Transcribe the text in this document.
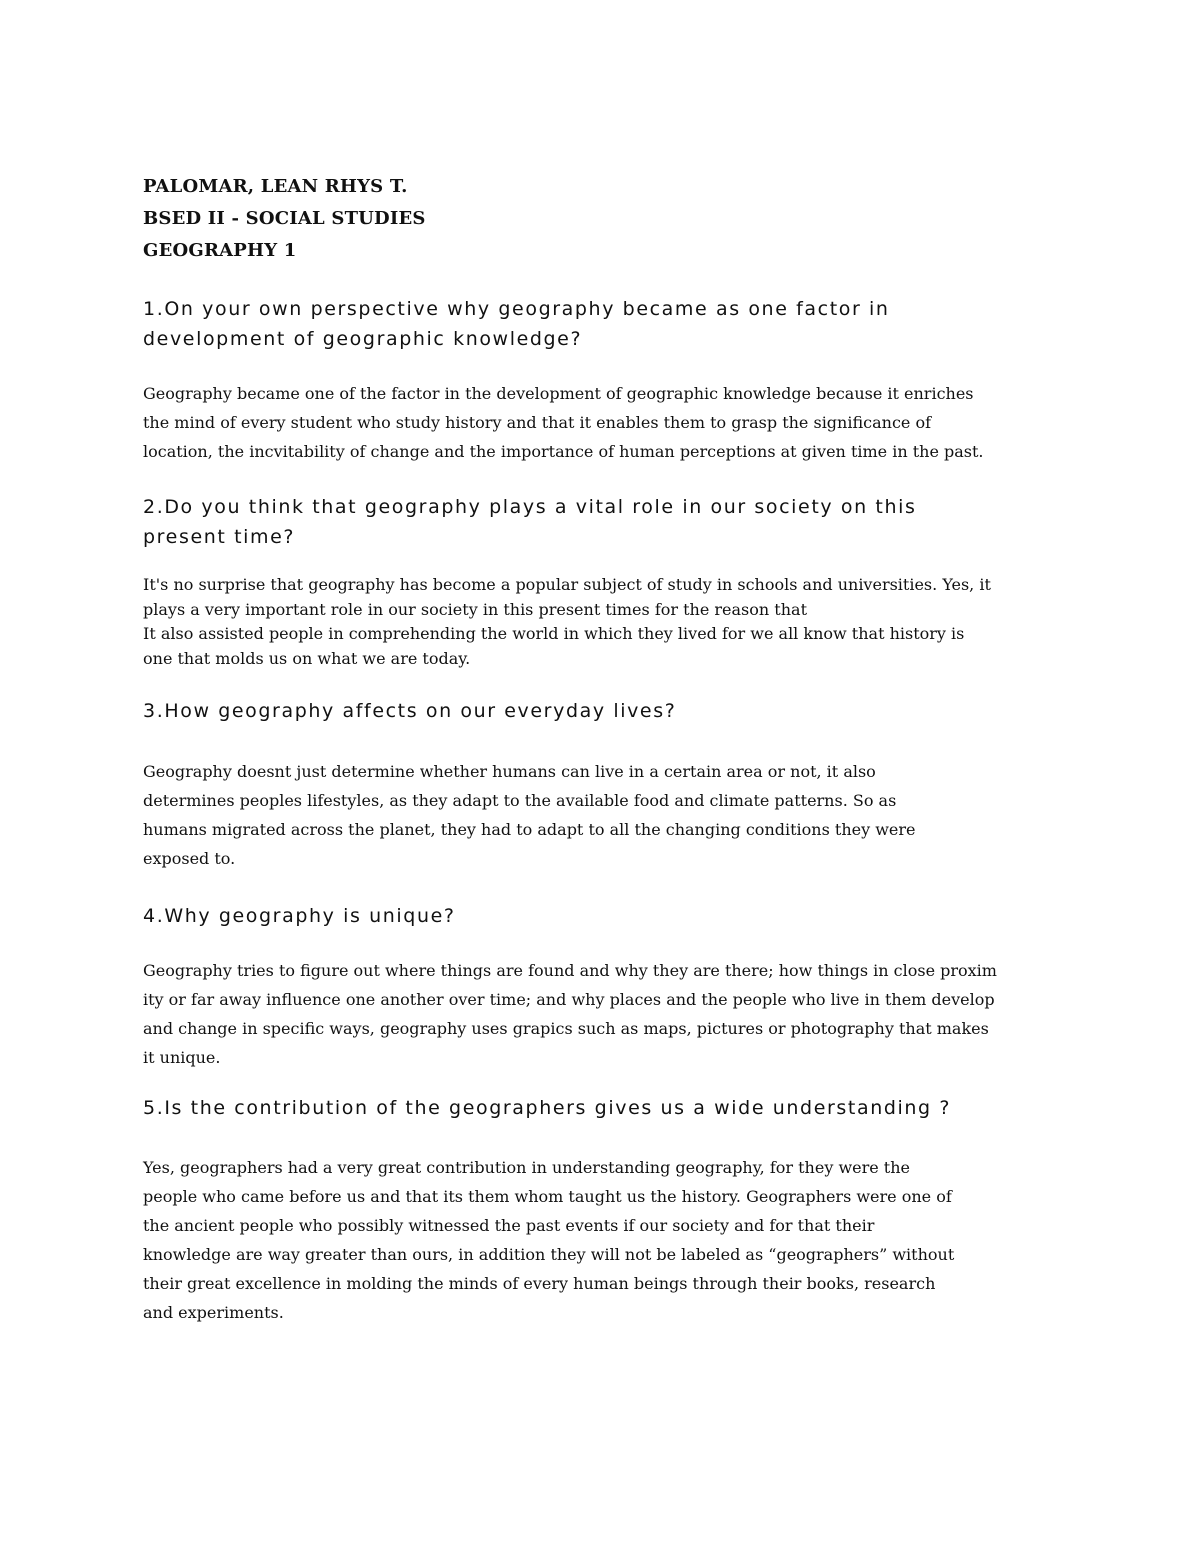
PALOMAR, LEAN RHYS T.
BSED II - SOCIAL STUDIES
GEOGRAPHY 1
1.On your own perspective why geography became as one factor in
development of geographic knowledge?
Geography became one of the factor in the development of geographic knowledge because it enriches
the mind of every student who study history and that it enables them to grasp the significance of
location, the incvitability of change and the importance of human perceptions at given time in the past.
2.Do you think that geography plays a vital role in our society on this
present time?
It's no surprise that geography has become a popular subject of study in schools and universities. Yes, it
plays a very important role in our society in this present times for the reason that
It also assisted people in comprehending the world in which they lived for we all know that history is
one that molds us on what we are today.
3.How geography affects on our everyday lives?
Geography doesnt just determine whether humans can live in a certain area or not, it also
determines peoples lifestyles, as they adapt to the available food and climate patterns. So as
humans migrated across the planet, they had to adapt to all the changing conditions they were
exposed to.
4.Why geography is unique?
Geography tries to figure out where things are found and why they are there; how things in close proxim
ity or far away influence one another over time; and why places and the people who live in them develop
and change in specific ways, geography uses grapics such as maps, pictures or photography that makes
it unique.
5.Is the contribution of the geographers gives us a wide understanding ?
Yes, geographers had a very great contribution in understanding geography, for they were the
people who came before us and that its them whom taught us the history. Geographers were one of
the ancient people who possibly witnessed the past events if our society and for that their
knowledge are way greater than ours, in addition they will not be labeled as “geographers” without
their great excellence in molding the minds of every human beings through their books, research
and experiments.
